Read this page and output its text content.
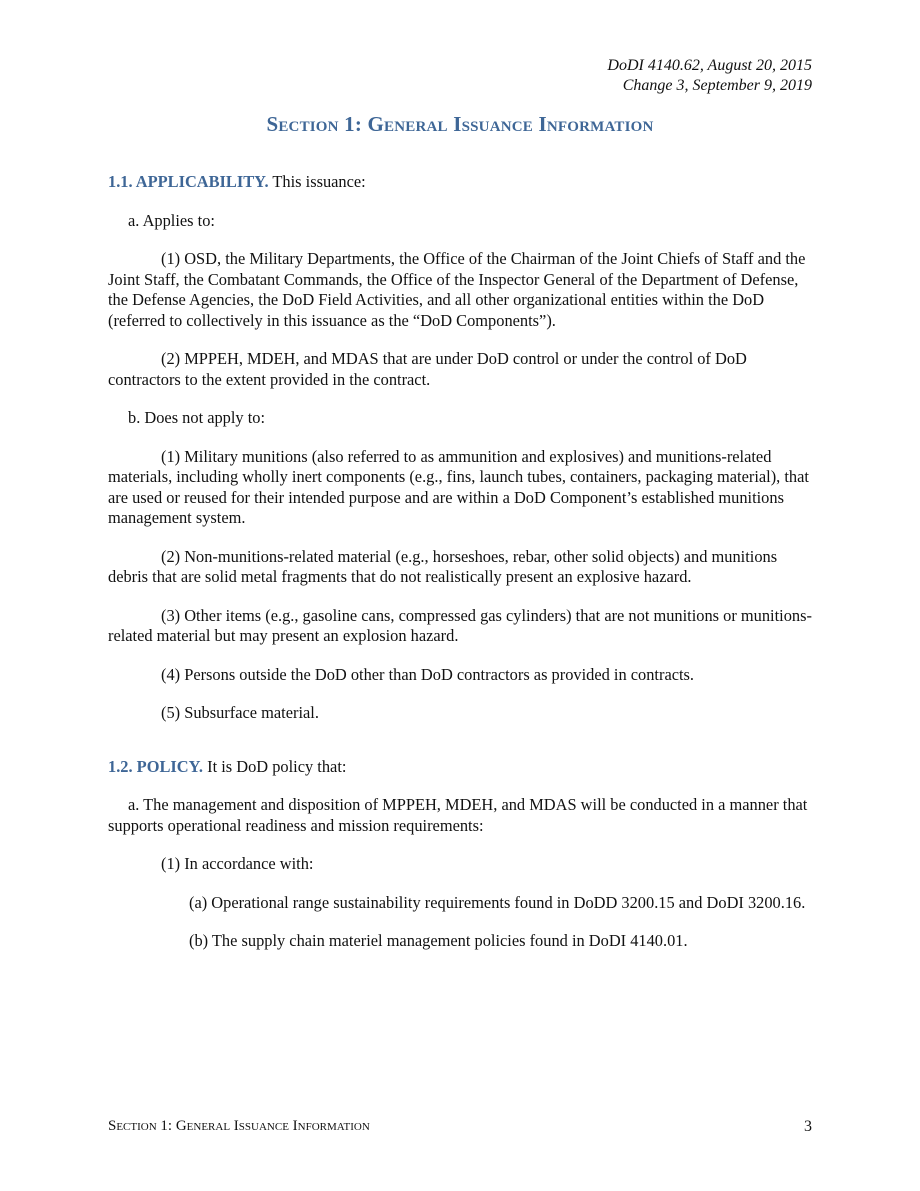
DoDI 4140.62, August 20, 2015
Change 3, September 9, 2019
Section 1: General Issuance Information

1.1. APPLICABILITY. This issuance:

a. Applies to:

(1) OSD, the Military Departments, the Office of the Chairman of the Joint Chiefs of Staff and the Joint Staff, the Combatant Commands, the Office of the Inspector General of the Department of Defense, the Defense Agencies, the DoD Field Activities, and all other organizational entities within the DoD (referred to collectively in this issuance as the “DoD Components”).

(2) MPPEH, MDEH, and MDAS that are under DoD control or under the control of DoD contractors to the extent provided in the contract.

b. Does not apply to:

(1) Military munitions (also referred to as ammunition and explosives) and munitions-related materials, including wholly inert components (e.g., fins, launch tubes, containers, packaging material), that are used or reused for their intended purpose and are within a DoD Component’s established munitions management system.

(2) Non-munitions-related material (e.g., horseshoes, rebar, other solid objects) and munitions debris that are solid metal fragments that do not realistically present an explosive hazard.

(3) Other items (e.g., gasoline cans, compressed gas cylinders) that are not munitions or munitions-related material but may present an explosion hazard.

(4) Persons outside the DoD other than DoD contractors as provided in contracts.

(5) Subsurface material.

1.2. POLICY. It is DoD policy that:

a. The management and disposition of MPPEH, MDEH, and MDAS will be conducted in a manner that supports operational readiness and mission requirements:

(1) In accordance with:

(a) Operational range sustainability requirements found in DoDD 3200.15 and DoDI 3200.16.

(b) The supply chain materiel management policies found in DoDI 4140.01.

Section 1: General Issuance Information	3
